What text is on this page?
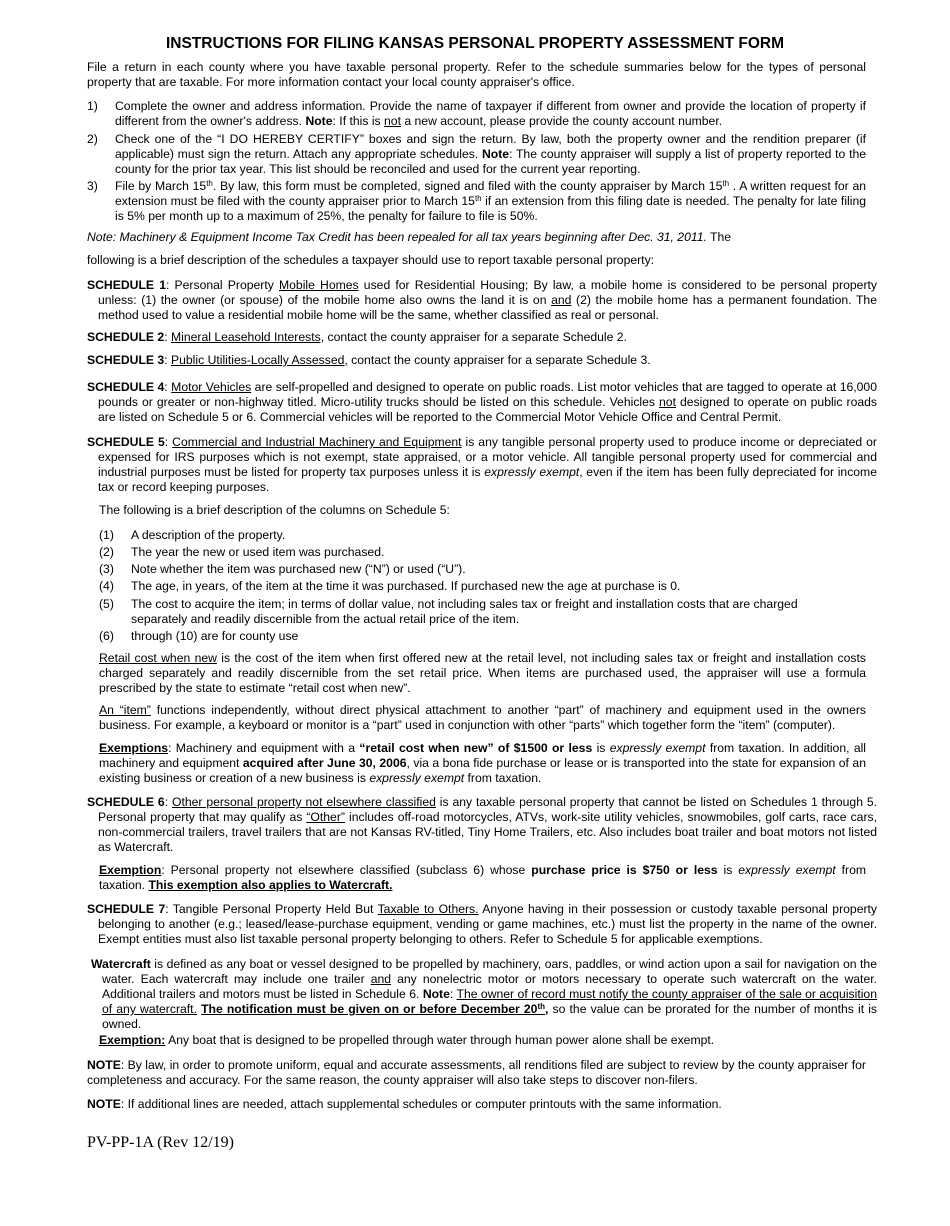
INSTRUCTIONS FOR FILING KANSAS PERSONAL PROPERTY ASSESSMENT FORM
File a return in each county where you have taxable personal property. Refer to the schedule summaries below for the types of personal property that are taxable. For more information contact your local county appraiser's office.
1)	Complete the owner and address information. Provide the name of taxpayer if different from owner and provide the location of property if different from the owner's address. Note: If this is not a new account, please provide the county account number.
2)	Check one of the “I DO HEREBY CERTIFY” boxes and sign the return. By law, both the property owner and the rendition preparer (if applicable) must sign the return. Attach any appropriate schedules. Note: The county appraiser will supply a list of property reported to the county for the prior tax year. This list should be reconciled and used for the current year reporting.
3)	File by March 15th. By law, this form must be completed, signed and filed with the county appraiser by March 15th . A written request for an extension must be filed with the county appraiser prior to March 15th if an extension from this filing date is needed. The penalty for late filing is 5% per month up to a maximum of 25%, the penalty for failure to file is 50%.
Note: Machinery & Equipment Income Tax Credit has been repealed for all tax years beginning after Dec. 31, 2011. The
following is a brief description of the schedules a taxpayer should use to report taxable personal property:
SCHEDULE 1: Personal Property Mobile Homes used for Residential Housing; By law, a mobile home is considered to be personal property unless: (1) the owner (or spouse) of the mobile home also owns the land it is on and (2) the mobile home has a permanent foundation. The method used to value a residential mobile home will be the same, whether classified as real or personal.
SCHEDULE 2: Mineral Leasehold Interests, contact the county appraiser for a separate Schedule 2.
SCHEDULE 3: Public Utilities-Locally Assessed, contact the county appraiser for a separate Schedule 3.
SCHEDULE 4: Motor Vehicles are self-propelled and designed to operate on public roads. List motor vehicles that are tagged to operate at 16,000 pounds or greater or non-highway titled. Micro-utility trucks should be listed on this schedule. Vehicles not designed to operate on public roads are listed on Schedule 5 or 6. Commercial vehicles will be reported to the Commercial Motor Vehicle Office and Central Permit.
SCHEDULE 5: Commercial and Industrial Machinery and Equipment is any tangible personal property used to produce income or depreciated or expensed for IRS purposes which is not exempt, state appraised, or a motor vehicle. All tangible personal property used for commercial and industrial purposes must be listed for property tax purposes unless it is expressly exempt, even if the item has been fully depreciated for income tax or record keeping purposes.
The following is a brief description of the columns on Schedule 5:
(1)	A description of the property.
(2)	The year the new or used item was purchased.
(3)	Note whether the item was purchased new (“N”) or used (“U”).
(4)	The age, in years, of the item at the time it was purchased. If purchased new the age at purchase is 0.
(5)	The cost to acquire the item; in terms of dollar value, not including sales tax or freight and installation costs that are charged separately and readily discernible from the actual retail price of the item.
(6)	through (10) are for county use
Retail cost when new is the cost of the item when first offered new at the retail level, not including sales tax or freight and installation costs charged separately and readily discernible from the set retail price. When items are purchased used, the appraiser will use a formula prescribed by the state to estimate “retail cost when new”.
An “item” functions independently, without direct physical attachment to another “part” of machinery and equipment used in the owners business. For example, a keyboard or monitor is a “part” used in conjunction with other “parts” which together form the “item” (computer).
Exemptions: Machinery and equipment with a “retail cost when new” of $1500 or less is expressly exempt from taxation. In addition, all machinery and equipment acquired after June 30, 2006, via a bona fide purchase or lease or is transported into the state for expansion of an existing business or creation of a new business is expressly exempt from taxation.
SCHEDULE 6: Other personal property not elsewhere classified is any taxable personal property that cannot be listed on Schedules 1 through 5. Personal property that may qualify as “Other” includes off-road motorcycles, ATVs, work-site utility vehicles, snowmobiles, golf carts, race cars, non-commercial trailers, travel trailers that are not Kansas RV-titled, Tiny Home Trailers, etc. Also includes boat trailer and boat motors not listed as Watercraft.
Exemption: Personal property not elsewhere classified (subclass 6) whose purchase price is $750 or less is expressly exempt from taxation. This exemption also applies to Watercraft.
SCHEDULE 7: Tangible Personal Property Held But Taxable to Others. Anyone having in their possession or custody taxable personal property belonging to another (e.g.; leased/lease-purchase equipment, vending or game machines, etc.) must list the property in the name of the owner. Exempt entities must also list taxable personal property belonging to others. Refer to Schedule 5 for applicable exemptions.
Watercraft is defined as any boat or vessel designed to be propelled by machinery, oars, paddles, or wind action upon a sail for navigation on the water. Each watercraft may include one trailer and any nonelectric motor or motors necessary to operate such watercraft on the water. Additional trailers and motors must be listed in Schedule 6. Note: The owner of record must notify the county appraiser of the sale or acquisition of any watercraft. The notification must be given on or before December 20th, so the value can be prorated for the number of months it is owned.
Exemption: Any boat that is designed to be propelled through water through human power alone shall be exempt.
NOTE: By law, in order to promote uniform, equal and accurate assessments, all renditions filed are subject to review by the county appraiser for completeness and accuracy. For the same reason, the county appraiser will also take steps to discover non-filers.
NOTE: If additional lines are needed, attach supplemental schedules or computer printouts with the same information.
PV-PP-1A (Rev 12/19)
